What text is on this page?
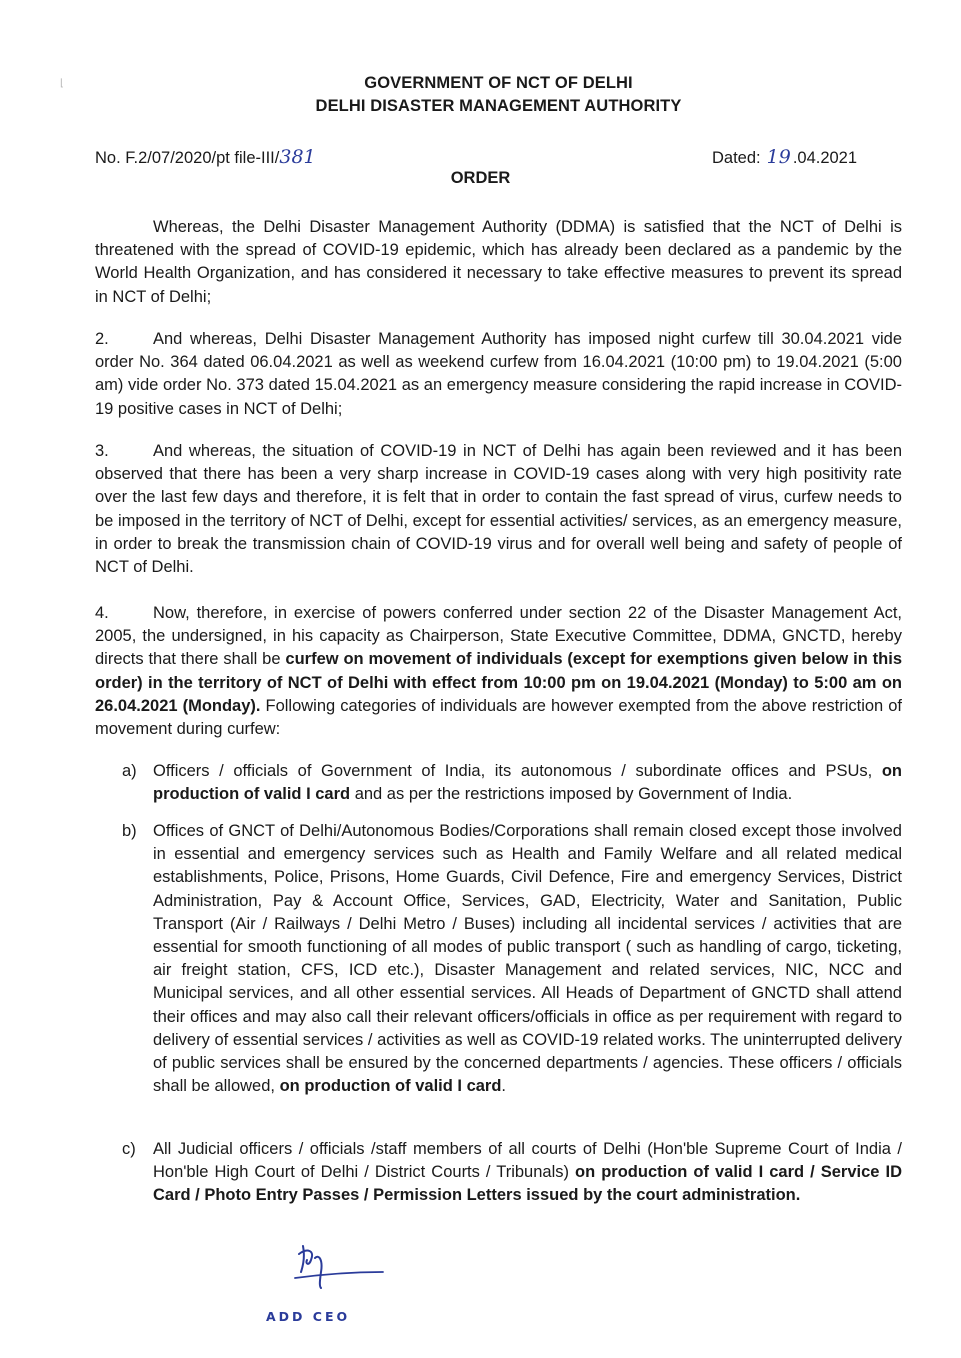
⌊	GOVERNMENT OF NCT OF DELHI
DELHI DISASTER MANAGEMENT AUTHORITY
No. F.2/07/2020/pt file-III/381	Dated: 19 .04.2021
ORDER
Whereas, the Delhi Disaster Management Authority (DDMA) is satisfied that the NCT of Delhi is threatened with the spread of COVID-19 epidemic, which has already been declared as a pandemic by the World Health Organization, and has considered it necessary to take effective measures to prevent its spread in NCT of Delhi;
2.	And whereas, Delhi Disaster Management Authority has imposed night curfew till 30.04.2021 vide order No. 364 dated 06.04.2021 as well as weekend curfew from 16.04.2021 (10:00 pm) to 19.04.2021 (5:00 am) vide order No. 373 dated 15.04.2021 as an emergency measure considering the rapid increase in COVID-19 positive cases in NCT of Delhi;
3.	And whereas, the situation of COVID-19 in NCT of Delhi has again been reviewed and it has been observed that there has been a very sharp increase in COVID-19 cases along with very high positivity rate over the last few days and therefore, it is felt that in order to contain the fast spread of virus, curfew needs to be imposed in the territory of NCT of Delhi, except for essential activities/ services, as an emergency measure, in order to break the transmission chain of COVID-19 virus and for overall well being and safety of people of NCT of Delhi.
4.	Now, therefore, in exercise of powers conferred under section 22 of the Disaster Management Act, 2005, the undersigned, in his capacity as Chairperson, State Executive Committee, DDMA, GNCTD, hereby directs that there shall be curfew on movement of individuals (except for exemptions given below in this order) in the territory of NCT of Delhi with effect from 10:00 pm on 19.04.2021 (Monday) to 5:00 am on 26.04.2021 (Monday). Following categories of individuals are however exempted from the above restriction of movement during curfew:
a) Officers / officials of Government of India, its autonomous / subordinate offices and PSUs, on production of valid I card and as per the restrictions imposed by Government of India.
b) Offices of GNCT of Delhi/Autonomous Bodies/Corporations shall remain closed except those involved in essential and emergency services such as Health and Family Welfare and all related medical establishments, Police, Prisons, Home Guards, Civil Defence, Fire and emergency Services, District Administration, Pay & Account Office, Services, GAD, Electricity, Water and Sanitation, Public Transport (Air / Railways / Delhi Metro / Buses) including all incidental services / activities that are essential for smooth functioning of all modes of public transport ( such as handling of cargo, ticketing, air freight station, CFS, ICD etc.), Disaster Management and related services, NIC, NCC and Municipal services, and all other essential services. All Heads of Department of GNCTD shall attend their offices and may also call their relevant officers/officials in office as per requirement with regard to delivery of essential services / activities as well as COVID-19 related works. The uninterrupted delivery of public services shall be ensured by the concerned departments / agencies. These officers / officials shall be allowed, on production of valid I card.
c)	All Judicial officers / officials /staff members of all courts of Delhi (Hon'ble Supreme Court of India / Hon'ble High Court of Delhi / District Courts / Tribunals) on production of valid I card / Service ID Card / Photo Entry Passes / Permission Letters issued by the court administration.
ADD CEO
